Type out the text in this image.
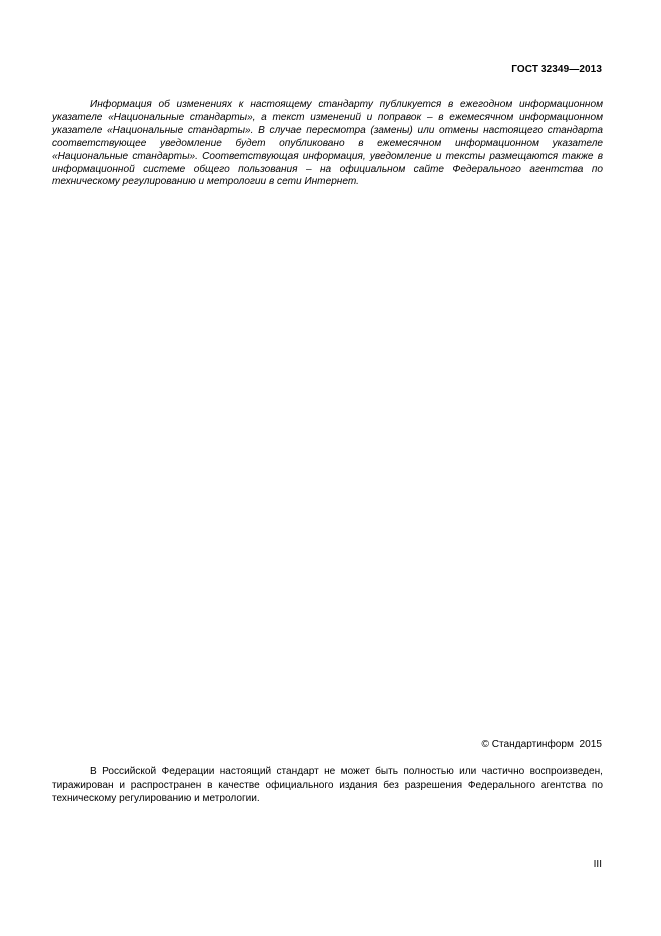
ГОСТ 32349—2013

Информация об изменениях к настоящему стандарту публикуется в ежегодном информационном указателе «Национальные стандарты», а текст изменений и поправок – в ежемесячном информационном указателе «Национальные стандарты». В случае пересмотра (замены) или отмены настоящего стандарта соответствующее уведомление будет опубликовано в ежемесячном информационном указателе «Национальные стандарты». Соответствующая информация, уведомление и тексты размещаются также в информационной системе общего пользования – на официальном сайте Федерального агентства по техническому регулированию и метрологии в сети Интернет.

© Стандартинформ  2015

В Российской Федерации настоящий стандарт не может быть полностью или частично воспроизведен, тиражирован и распространен в качестве официального издания без разрешения Федерального агентства по техническому регулированию и метрологии.

III
